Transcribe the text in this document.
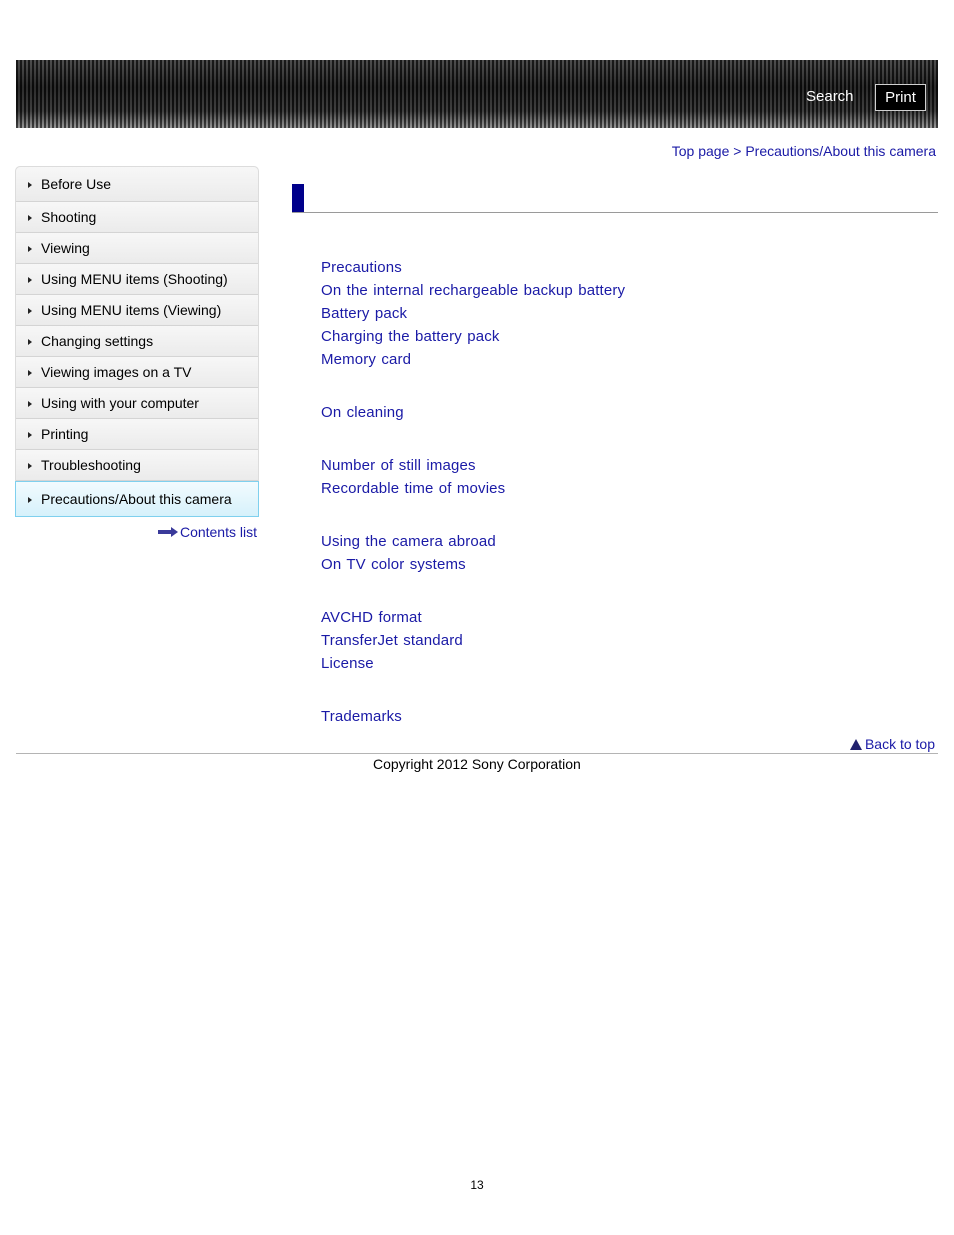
Search	Print
Top page > Precautions/About this camera
Before Use
Shooting
Viewing
Using MENU items (Shooting)
Using MENU items (Viewing)
Changing settings
Viewing images on a TV
Using with your computer
Printing
Troubleshooting
Precautions/About this camera
Contents list
Precautions
On the internal rechargeable backup battery
Battery pack
Charging the battery pack
Memory card
On cleaning
Number of still images
Recordable time of movies
Using the camera abroad
On TV color systems
AVCHD format
TransferJet standard
License
Trademarks
Back to top
Copyright 2012 Sony Corporation
13
